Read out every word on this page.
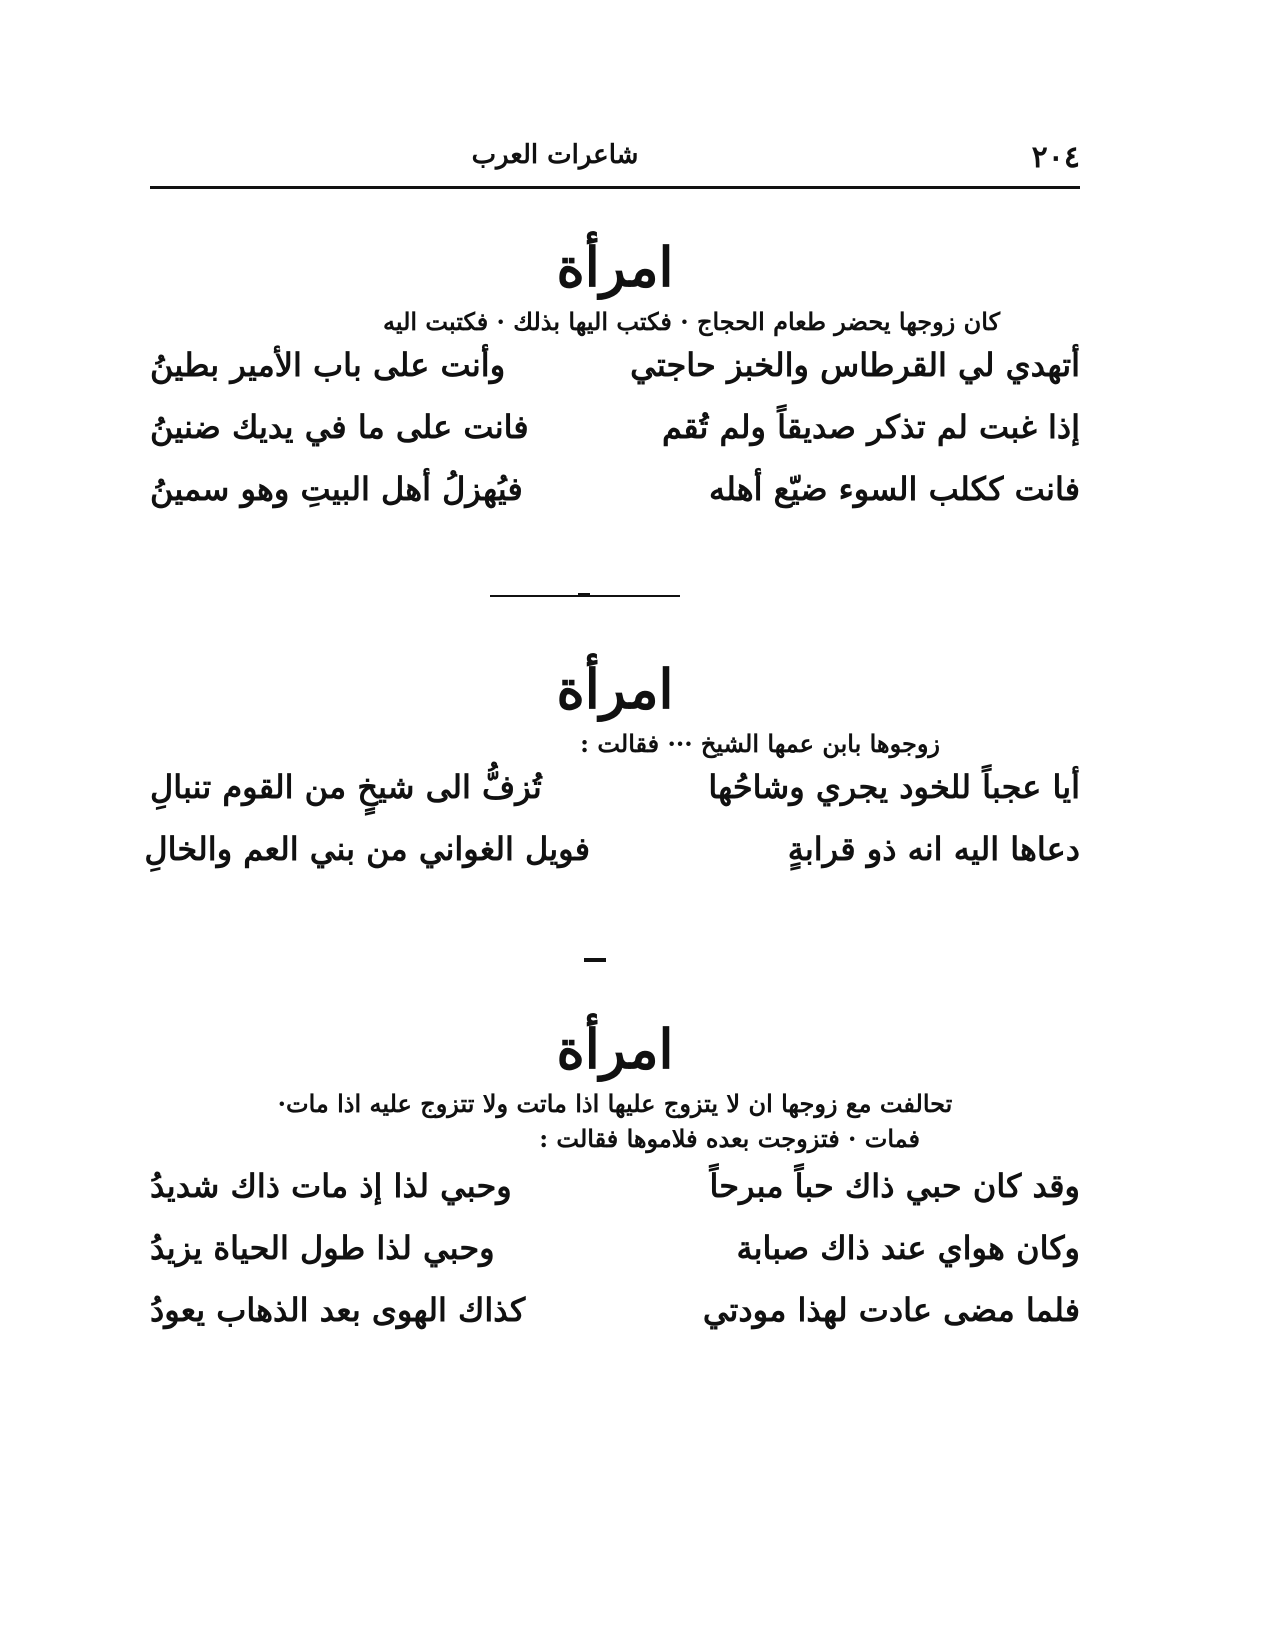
٢٠٤
شاعرات العرب
امرأة

كان زوجها يحضر طعام الحجاج · فكتب اليها بذلك · فكتبت اليه

أتهدي لي القرطاس والخبز حاجتي
وأنت على باب الأمير بطينُ
إذا غبت لم تذكر صديقاً ولم تُقم
فانت على ما في يديك ضنينُ
فانت ككلب السوء ضيّع أهله
فيُهزلُ أهل البيتِ وهو سمينُ
امرأة

زوجوها بابن عمها الشيخ ··· فقالت :

أيا عجباً للخود يجري وشاحُها
تُزفُّ الى شيخٍ من القوم تنبالِ
دعاها اليه انه ذو قرابةٍ
فويل الغواني من بني العم والخالِ
امرأة

تحالفت مع زوجها ان لا يتزوج عليها اذا ماتت ولا تتزوج عليه اذا مات·

فمات · فتزوجت بعده فلاموها فقالت :

وقد كان حبي ذاك حباً مبرحاً
وحبي لذا إذ مات ذاك شديدُ
وكان هواي عند ذاك صبابة
وحبي لذا طول الحياة يزيدُ
فلما مضى عادت لهذا مودتي
كذاك الهوى بعد الذهاب يعودُ
